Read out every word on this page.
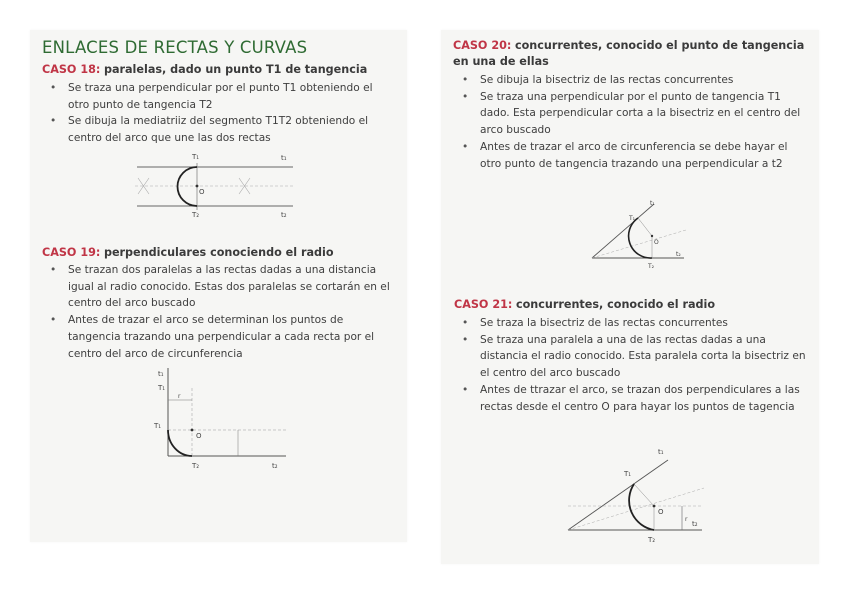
ENLACES DE RECTAS Y CURVAS
CASO 18: paralelas, dado un punto T1 de tangencia
• Se traza una perpendicular por el punto T1 obteniendo el otro punto de tangencia T2
• Se dibuja la mediatriiz del segmento T1T2 obteniendo el centro del arco que une las dos rectas
T₁
T₂
t₁
t₂
O
CASO 19: perpendiculares conociendo el radio
• Se trazan dos paralelas a las rectas dadas a una distancia igual al radio conocido. Estas dos paralelas se cortarán en el centro del arco buscado
• Antes de trazar el arco se determinan los puntos de tangencia trazando una perpendicular a cada recta por el centro del arco de circunferencia
t₁
T₁
T₁
T₂	t₂
O
r
CASO 20: concurrentes, conocido el punto de tangencia en una de ellas
• Se dibuja la bisectriz de las rectas concurrentes
• Se traza una perpendicular por el punto de tangencia T1 dado. Esta perpendicular corta a la bisectriz en el centro del arco buscado
• Antes de trazar el arco de circunferencia se debe hayar el otro punto de tangencia trazando una perpendicular a t2
t₁
T₁
T₂
t₂
O
CASO 21: concurrentes, conocido el radio
• Se traza la bisectriz de las rectas concurrentes
• Se traza una paralela a una de las rectas dadas a una distancia el radio conocido. Esta paralela corta la bisectriz en el centro del arco buscado
• Antes de ttrazar el arco, se trazan dos perpendiculares a las rectas desde el centro O para hayar los puntos de tagencia
t₁
T₁
T₂
t₂
O
r
